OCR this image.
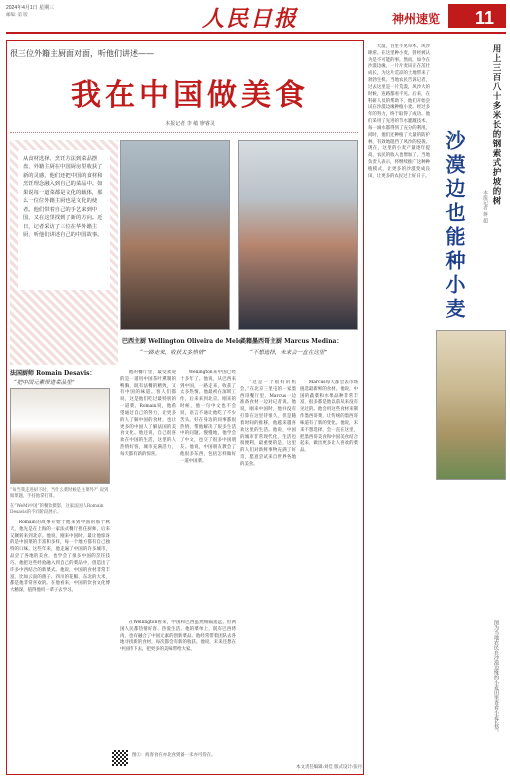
2024年4月1日 星期三
邮编: 第 版	人民日报	神州速览 11
很三位外籍主厨面对面，听他们讲述——
我在中国做美食
本报记者 李 敏 廖睿灵
从食材选择、烹饪方法到菜品摆盘，外籍主厨在中国厨房里收获了新的灵感，他们还把中国的食材和烹饪理念融入到自己的菜品中。如果说每一道菜都是文化的载体，那么一位位外籍主厨也是文化的使者。他们带着自己的手艺来到中国，又在这里找到了新的方向。近日，记者采访了三位在华外籍主厨，听他们讲述自己的中国故事。
法国厨师 Romain Desavis：
“把中国元素带进菜品里”
巴西主厨 Wellington Oliveira de Melo：
“一路走来，收获太多热情”
美籍墨西哥主厨 Marcus Medina：
“不想选择，未来会一直在这里”
“每当我走进厨下时，当什么菜时候是主菜外?” 说到做菜题，手持他掌打算。
在“WeMi中国”的餐饮摄影，这家法国人Romain Desavis的不同阶段展示。

Romain的故事开始于他来到中国的那个秋天，他先是在上海的一家法式餐厅担任厨师，后来又辗转来到北京。他说，刚来中国时，最让他惊讶的是中国菜的丰富和多样，每一个地方都有自己独特的口味。这些年来，他走遍了中国的许多城市，品尝了各地的美食，也学会了很多中国的烹饪技巧。他把这些经验融入到自己的菜品中，创造出了许多中西结合的新菜式。他说，中国的食材非常丰富，比如云南的菌子、四川的花椒、东北的大米，都是他非常喜欢的。在他看来，中国的饮食文化博大精深，值得他用一辈子去学习。

他的餐厅里，最受欢迎的是一道用中国茶叶熏制的鸭胸，既有法餐的精致，又有中国的味道。客人们都说，这是他们吃过最特别的一道菜。Romain说，他希望通过自己的努力，让更多的人了解中国的食材，也让更多的中国人了解法国的美食文化。他还说，自己很喜欢在中国的生活，这里的人热情好客，城市充满活力，每天都有新的惊喜。

Wellington来中国已经十多年了。他说，从巴西来到中国，一路走来，收获了太多热情。他最初在深圳工作，后来来到北京。刚来的时候，他一句中文也不会说，语言不通让他吃了不少苦头。好在身边的同事都很热情，帮他解决了很多生活中的问题。慢慢地，他学会了中文，也交了很多中国朋友。他说，中国朋友教会了他很多东西，包括怎样做好一道中国菜。

在Wellington看来，中国和巴西虽然相隔遥远，但两国人民都热情好客、热爱生活。他的菜单上，既有巴西烤肉，也有融合了中国元素的创新菜品。他经常带着团队去各地寻找新的食材，每次都会有新的收获。他说，未来还想在中国待下去，把更多的美味带给大家。

“这是一个很好的机会，”在北京三里屯的一家墨西哥餐厅里，Marcus一边准备食材一边对记者说。他说，刚来中国时，他并没有打算在这里待很久，但是随着时间的推移，他越来越喜欢这里的生活。他说，中国的城市非常现代化，生活也很便利，最重要的是，这里的人们对新鲜事物充满了好奇，愿意尝试来自世界各地的美食。

Marcus每天都会去市场挑选最新鲜的食材。他说，中国的蔬菜和水果品种非常丰富，很多都是他以前从来没有见过的。他会用这些食材来制作墨西哥菜，让传统的墨西哥味道有了新的变化。他说，未来不想选择，会一直在这里，把墨西哥美食和中国美食结合起来，做出更多让人喜欢的菜品。

图①：海客食在亦北食到备一未亦可待在。
本文责任编辑:刘佳 版式设计:张丹

大漠，百里不见草木，风沙肆虐。在这里种小麦，曾经被认为是不可能的事。然而，如今在沙漠边缘，一片片麦田正在茁壮成长，为这片荒凉的土地带来了勃勃生机。当地农民告诉记者，过去这里是一片荒漠，风沙大的时候，连路都看不见。后来，在科研人员的帮助下，他们开始尝试在沙漠边缘种植小麦。经过多年的努力，终于取得了成功。他们采用了先进的节水灌溉技术，每一滴水都得到了充分的利用。同时，他们还种植了大量的防护林，有效地阻挡了风沙的侵袭。现在，这里的小麦产量逐年提高，农民的收入也增加了。当地负责人表示，将继续推广这种种植模式，让更多的沙漠变成良田，让更多的农民过上好日子。	用上三百八十多米长的钢索式护坡的树
沙漠边也能种小麦	本报记者 蒋 超
图为当地农民在沙漠边缘的小麦田里查看小麦长势。
